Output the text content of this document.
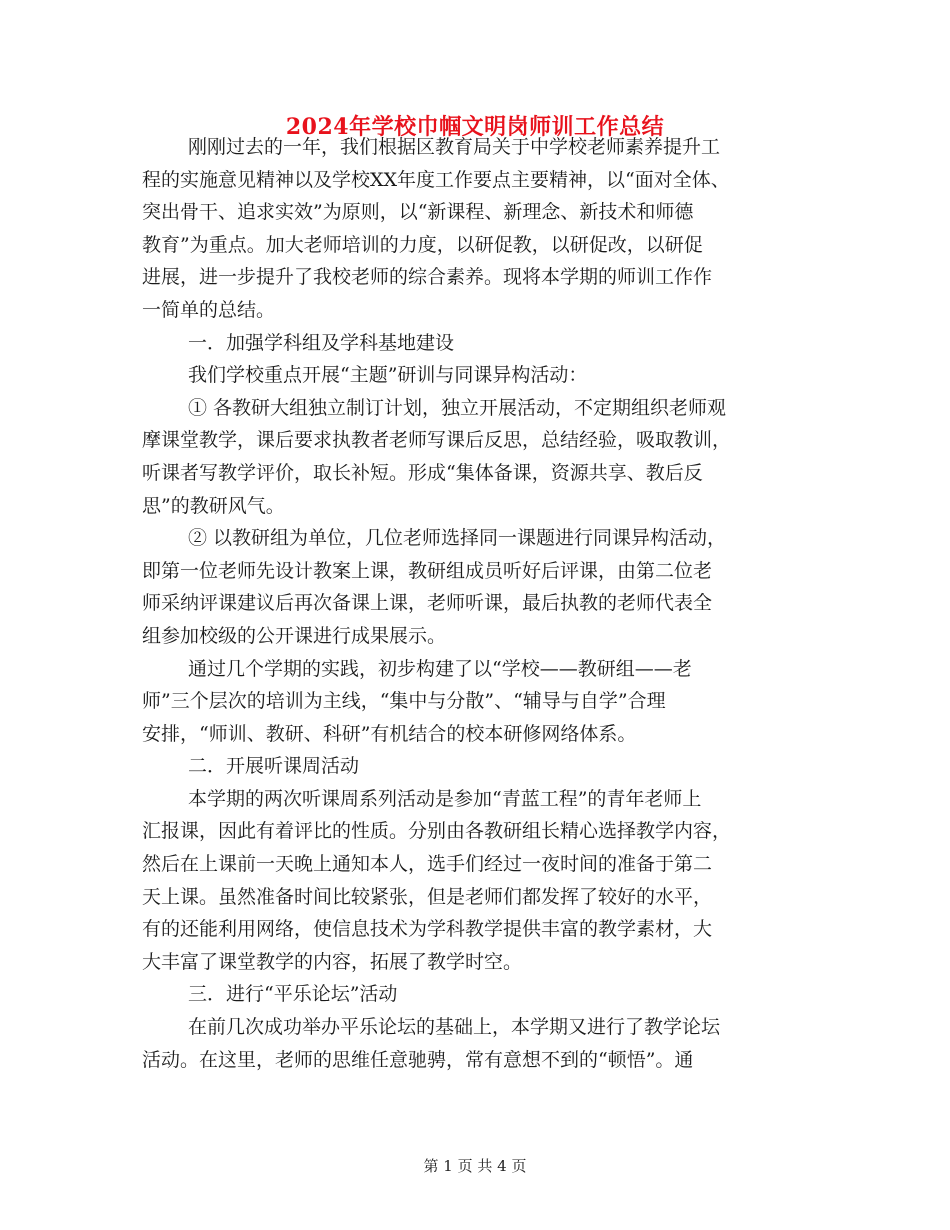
2024年学校巾帼文明岗师训工作总结
刚刚过去的一年，我们根据区教育局关于中学校老师素养提升工
程的实施意见精神以及学校XX年度工作要点主要精神，以“面对全体、
突出骨干、追求实效”为原则，以“新课程、新理念、新技术和师德
教育”为重点。加大老师培训的力度，以研促教，以研促改，以研促
进展，进一步提升了我校老师的综合素养。现将本学期的师训工作作
一简单的总结。
一．加强学科组及学科基地建设
我们学校重点开展“主题”研训与同课异构活动：
① 各教研大组独立制订计划，独立开展活动，不定期组织老师观
摩课堂教学，课后要求执教者老师写课后反思，总结经验，吸取教训，
听课者写教学评价，取长补短。形成“集体备课，资源共享、教后反
思”的教研风气。
② 以教研组为单位，几位老师选择同一课题进行同课异构活动，
即第一位老师先设计教案上课，教研组成员听好后评课，由第二位老
师采纳评课建议后再次备课上课，老师听课，最后执教的老师代表全
组参加校级的公开课进行成果展示。
通过几个学期的实践，初步构建了以“学校——教研组——老
师”三个层次的培训为主线，“集中与分散”、“辅导与自学”合理
安排，“师训、教研、科研”有机结合的校本研修网络体系。
二．开展听课周活动
本学期的两次听课周系列活动是参加“青蓝工程”的青年老师上
汇报课，因此有着评比的性质。分别由各教研组长精心选择教学内容，
然后在上课前一天晚上通知本人，选手们经过一夜时间的准备于第二
天上课。虽然准备时间比较紧张，但是老师们都发挥了较好的水平，
有的还能利用网络，使信息技术为学科教学提供丰富的教学素材，大
大丰富了课堂教学的内容，拓展了教学时空。
三．进行“平乐论坛”活动
在前几次成功举办平乐论坛的基础上，本学期又进行了教学论坛
活动。在这里，老师的思维任意驰骋，常有意想不到的“顿悟”。通
第 1 页 共 4 页
